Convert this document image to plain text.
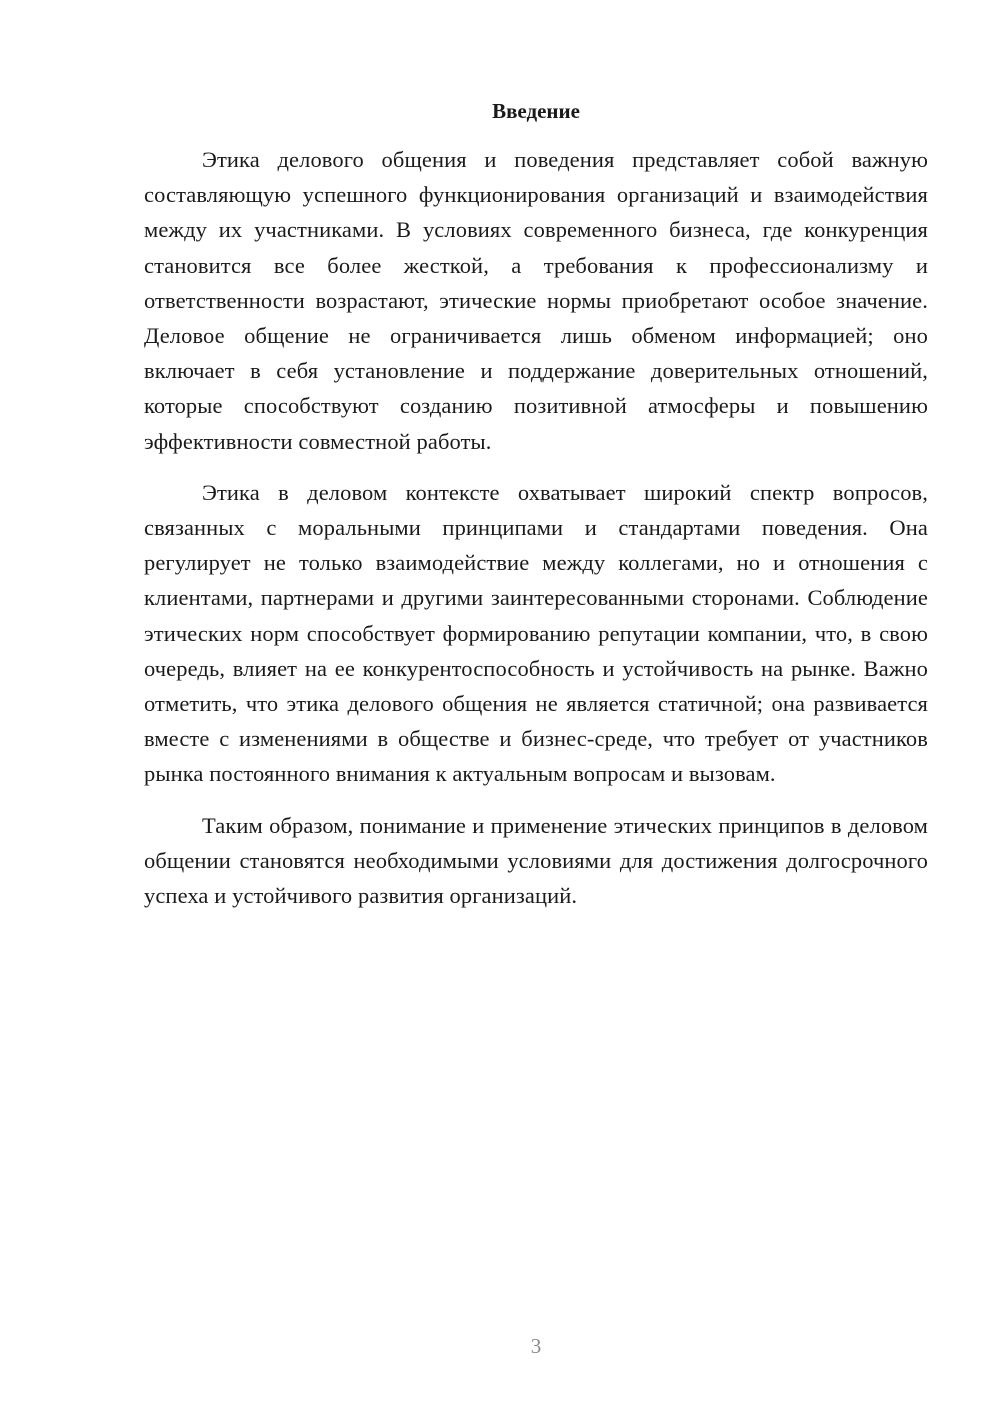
Введение

Этика делового общения и поведения представляет собой важную составляющую успешного функционирования организаций и взаимодействия между их участниками. В условиях современного бизнеса, где конкуренция становится все более жесткой, а требования к профессионализму и ответственности возрастают, этические нормы приобретают особое значение. Деловое общение не ограничивается лишь обменом информацией; оно включает в себя установление и поддержание доверительных отношений, которые способствуют созданию позитивной атмосферы и повышению эффективности совместной работы.

Этика в деловом контексте охватывает широкий спектр вопросов, связанных с моральными принципами и стандартами поведения. Она регулирует не только взаимодействие между коллегами, но и отношения с клиентами, партнерами и другими заинтересованными сторонами. Соблюдение этических норм способствует формированию репутации компании, что, в свою очередь, влияет на ее конкурентоспособность и устойчивость на рынке. Важно отметить, что этика делового общения не является статичной; она развивается вместе с изменениями в обществе и бизнес-среде, что требует от участников рынка постоянного внимания к актуальным вопросам и вызовам.

Таким образом, понимание и применение этических принципов в деловом общении становятся необходимыми условиями для достижения долгосрочного успеха и устойчивого развития организаций.

3
